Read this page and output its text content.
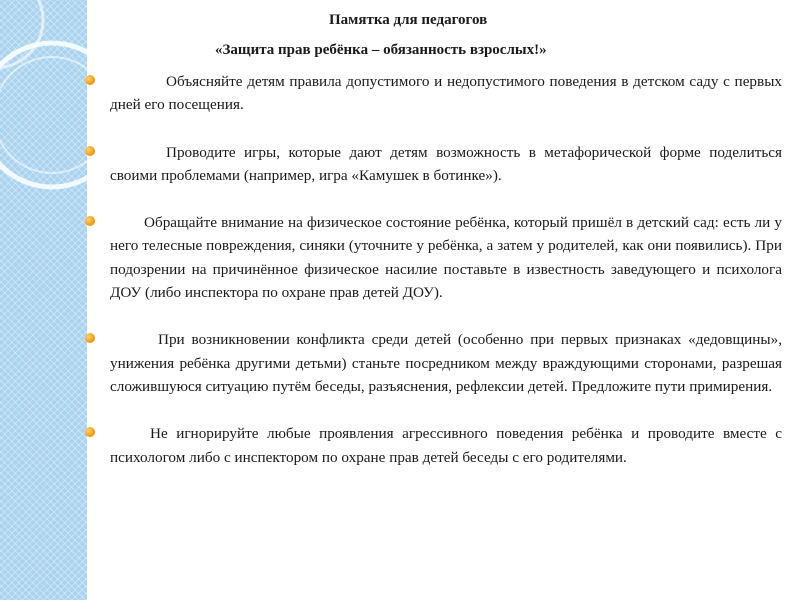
Памятка для педагогов
«Защита прав ребёнка – обязанность взрослых!»
Объясняйте детям правила допустимого и недопустимого поведения в детском саду с первых дней его посещения.
Проводите игры, которые дают детям возможность в метафорической форме поделиться своими проблемами (например, игра «Камушек в ботинке»).
Обращайте внимание на физическое состояние ребёнка, который пришёл в детский сад: есть ли у него телесные повреждения, синяки (уточните у ребёнка, а затем у родителей, как они появились). При подозрении на причинённое физическое насилие поставьте в известность заведующего и психолога ДОУ (либо инспектора по охране прав детей ДОУ).
При возникновении конфликта среди детей (особенно при первых признаках «дедовщины», унижения ребёнка другими детьми) станьте посредником между враждующими сторонами, разрешая сложившуюся ситуацию путём беседы, разъяснения, рефлексии детей. Предложите пути примирения.
Не игнорируйте любые проявления агрессивного поведения ребёнка и проводите вместе с психологом либо с инспектором по охране прав детей беседы с его родителями.
